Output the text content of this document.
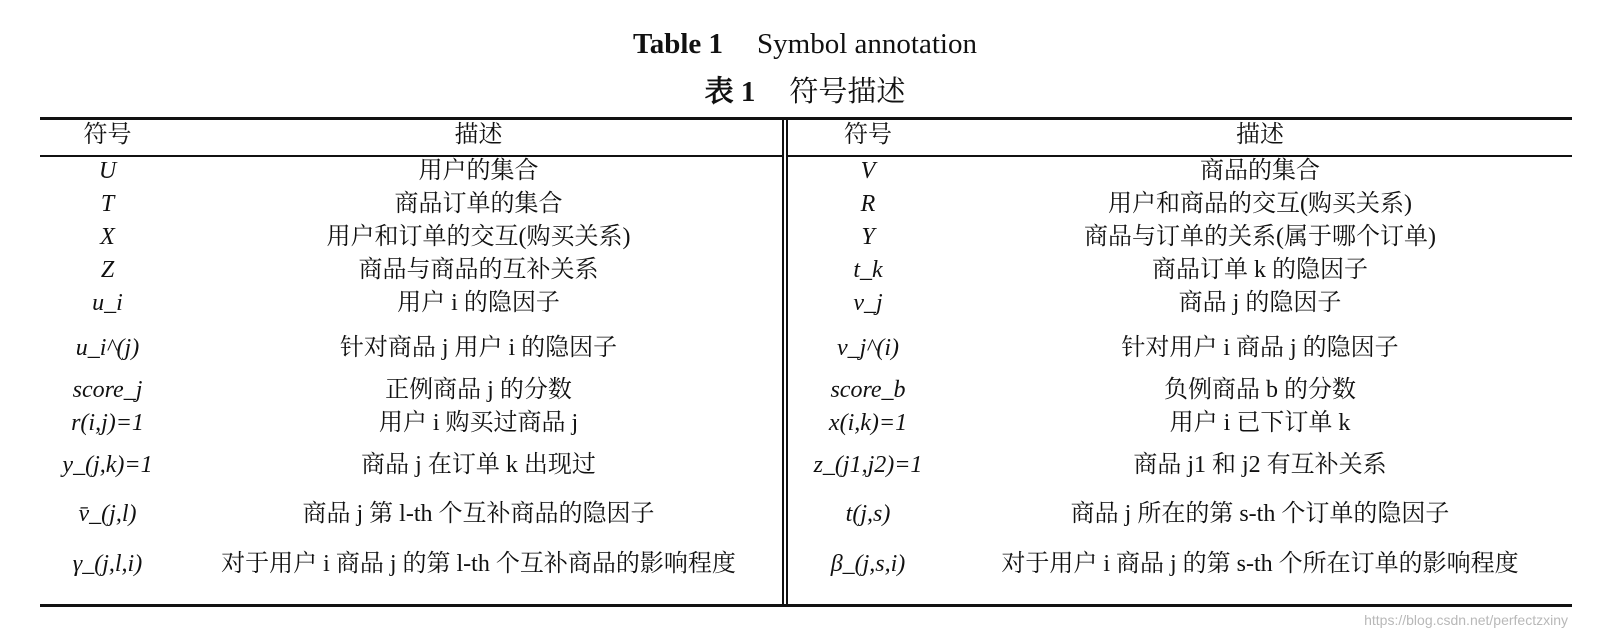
Table 1 Symbol annotation
表 1 符号描述
符号	描述	符号	描述
U	用户的集合	V	商品的集合
T	商品订单的集合	R	用户和商品的交互(购买关系)
X	用户和订单的交互(购买关系)	Y	商品与订单的关系(属于哪个订单)
Z	商品与商品的互补关系	t_k	商品订单 k 的隐因子
u_i	用户 i 的隐因子	v_j	商品 j 的隐因子
u_i^(j)	针对商品 j 用户 i 的隐因子	v_j^(i)	针对用户 i 商品 j 的隐因子
score_j	正例商品 j 的分数	score_b	负例商品 b 的分数
r(i,j)=1	用户 i 购买过商品 j	x(i,k)=1	用户 i 已下订单 k
y_(j,k)=1	商品 j 在订单 k 出现过	z_(j1,j2)=1	商品 j1 和 j2 有互补关系
v̄_(j,l)	商品 j 第 l-th 个互补商品的隐因子	t(j,s)	商品 j 所在的第 s-th 个订单的隐因子
γ_(j,l,i)	对于用户 i 商品 j 的第 l-th 个互补商品的影响程度	β_(j,s,i)	对于用户 i 商品 j 的第 s-th 个所在订单的影响程度
https://blog.csdn.net/perfectzxiny
